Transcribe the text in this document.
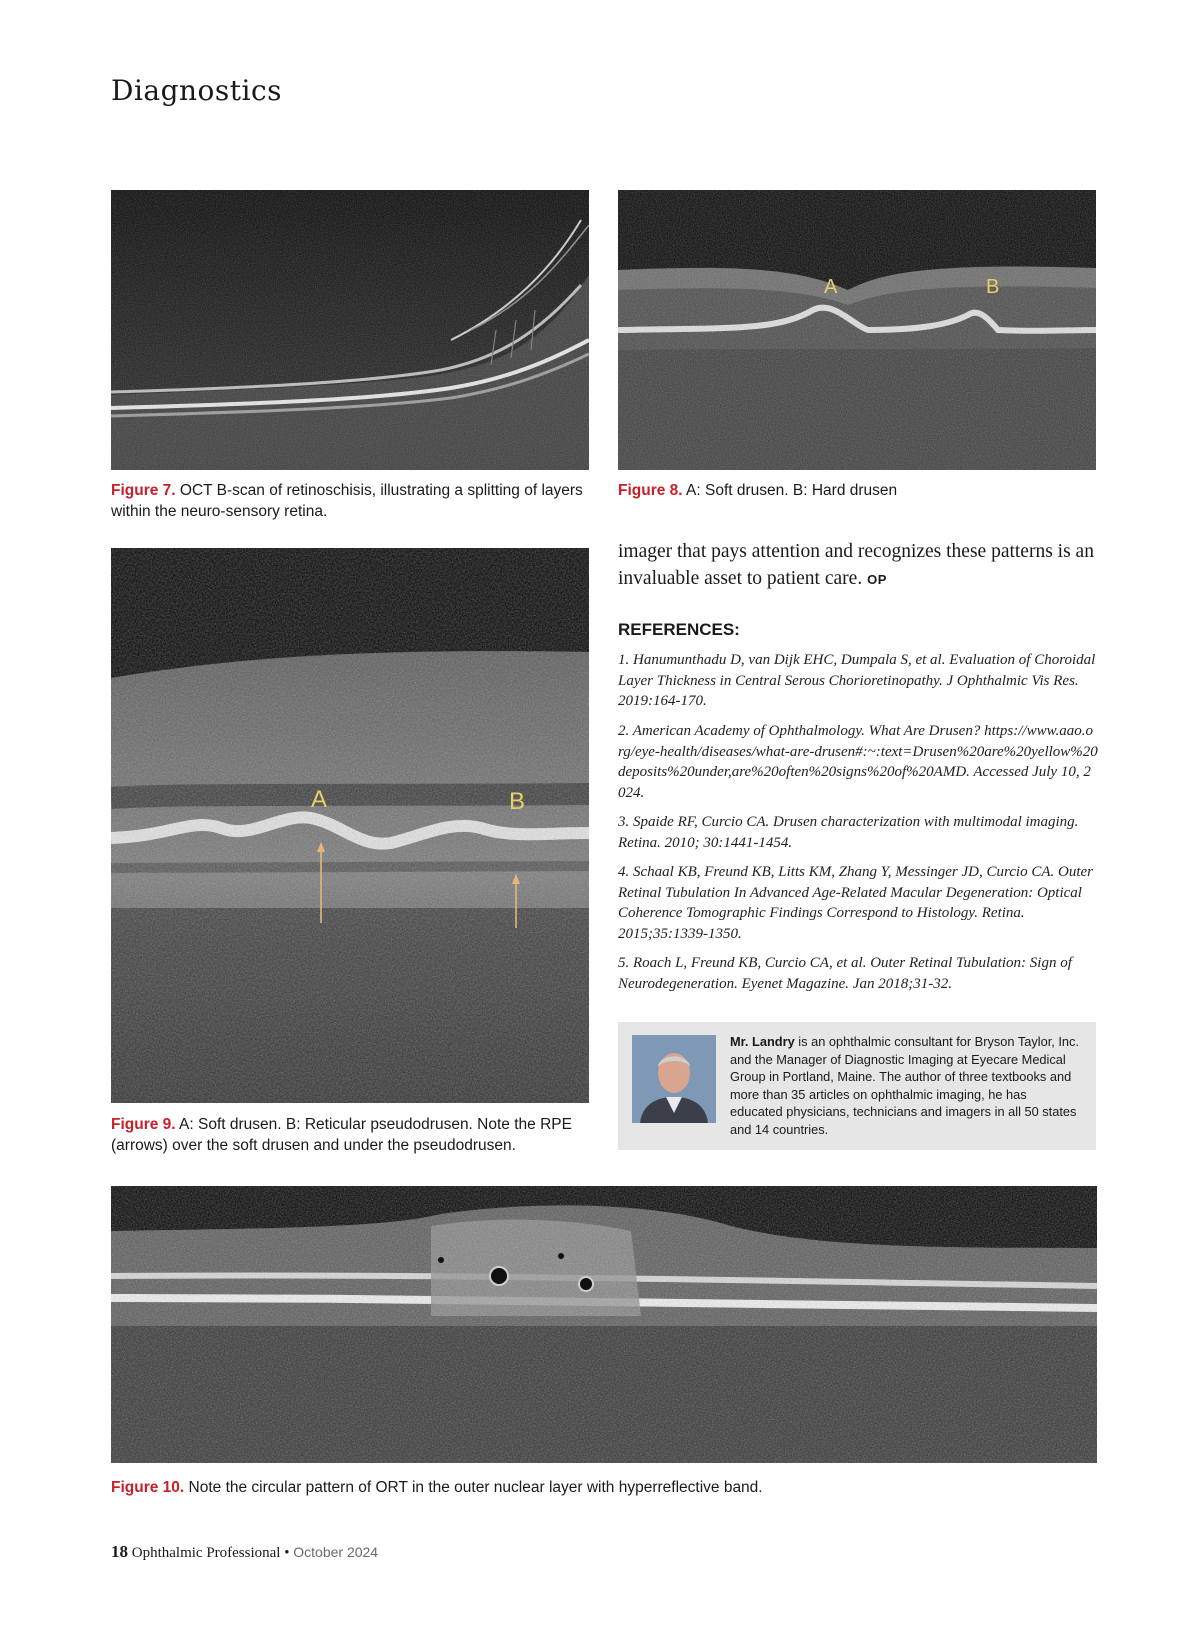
Diagnostics
Figure 7. OCT B-scan of retinoschisis, illustrating a splitting of layers within the neuro-sensory retina.
A	B
Figure 8. A: Soft drusen. B: Hard drusen
A	B
Figure 9. A: Soft drusen. B: Reticular pseudodrusen. Note the RPE (arrows) over the soft drusen and under the pseudodrusen.
imager that pays attention and recognizes these patterns is an invaluable asset to patient care. OP
REFERENCES:
1. Hanumunthadu D, van Dijk EHC, Dumpala S, et al. Evaluation of Choroidal Layer Thickness in Central Serous Chorioretinopathy. J Ophthalmic Vis Res. 2019:164-170.
2. American Academy of Ophthalmology. What Are Drusen? https://www.aao.org/eye-health/diseases/what-are-drusen#:~:text=Drusen%20are%20yellow%20deposits%20under,are%20often%20signs%20of%20AMD. Accessed July 10, 2024.
3. Spaide RF, Curcio CA. Drusen characterization with multimodal imaging. Retina. 2010; 30:1441-1454.
4. Schaal KB, Freund KB, Litts KM, Zhang Y, Messinger JD, Curcio CA. Outer Retinal Tubulation In Advanced Age-Related Macular Degeneration: Optical Coherence Tomographic Findings Correspond to Histology. Retina. 2015;35:1339-1350.
5. Roach L, Freund KB, Curcio CA, et al. Outer Retinal Tubulation: Sign of Neurodegeneration. Eyenet Magazine. Jan 2018;31-32.
Mr. Landry is an ophthalmic consultant for Bryson Taylor, Inc. and the Manager of Diagnostic Imaging at Eyecare Medical Group in Portland, Maine. The author of three textbooks and more than 35 articles on ophthalmic imaging, he has educated physicians, technicians and imagers in all 50 states and 14 countries.
Figure 10. Note the circular pattern of ORT in the outer nuclear layer with hyperreflective band.
18 Ophthalmic Professional • October 2024
